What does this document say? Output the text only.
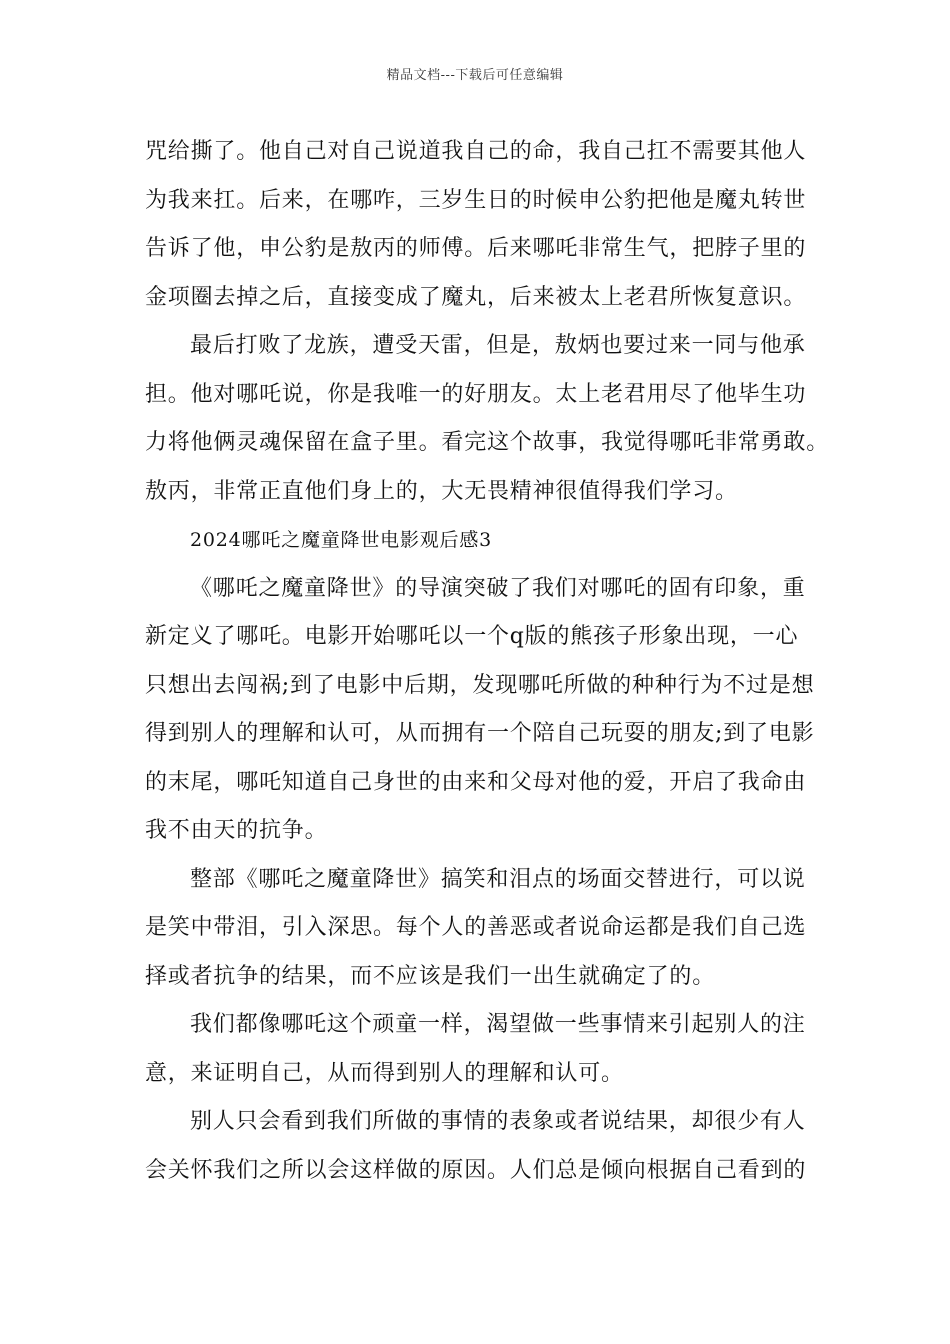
精品文档---下载后可任意编辑
咒给撕了。他自己对自己说道我自己的命，我自己扛不需要其他人
为我来扛。后来，在哪咋，三岁生日的时候申公豹把他是魔丸转世
告诉了他，申公豹是敖丙的师傅。后来哪吒非常生气，把脖子里的
金项圈去掉之后，直接变成了魔丸，后来被太上老君所恢复意识。
最后打败了龙族，遭受天雷，但是，敖炳也要过来一同与他承
担。他对哪吒说，你是我唯一的好朋友。太上老君用尽了他毕生功
力将他俩灵魂保留在盒子里。看完这个故事，我觉得哪吒非常勇敢。
敖丙，非常正直他们身上的，大无畏精神很值得我们学习。
2024哪吒之魔童降世电影观后感3
《哪吒之魔童降世》的导演突破了我们对哪吒的固有印象，重
新定义了哪吒。电影开始哪吒以一个q版的熊孩子形象出现，一心
只想出去闯祸;到了电影中后期，发现哪吒所做的种种行为不过是想
得到别人的理解和认可，从而拥有一个陪自己玩耍的朋友;到了电影
的末尾，哪吒知道自己身世的由来和父母对他的爱，开启了我命由
我不由天的抗争。
整部《哪吒之魔童降世》搞笑和泪点的场面交替进行，可以说
是笑中带泪，引入深思。每个人的善恶或者说命运都是我们自己选
择或者抗争的结果，而不应该是我们一出生就确定了的。
我们都像哪吒这个顽童一样，渴望做一些事情来引起别人的注
意，来证明自己，从而得到别人的理解和认可。
别人只会看到我们所做的事情的表象或者说结果，却很少有人
会关怀我们之所以会这样做的原因。人们总是倾向根据自己看到的
